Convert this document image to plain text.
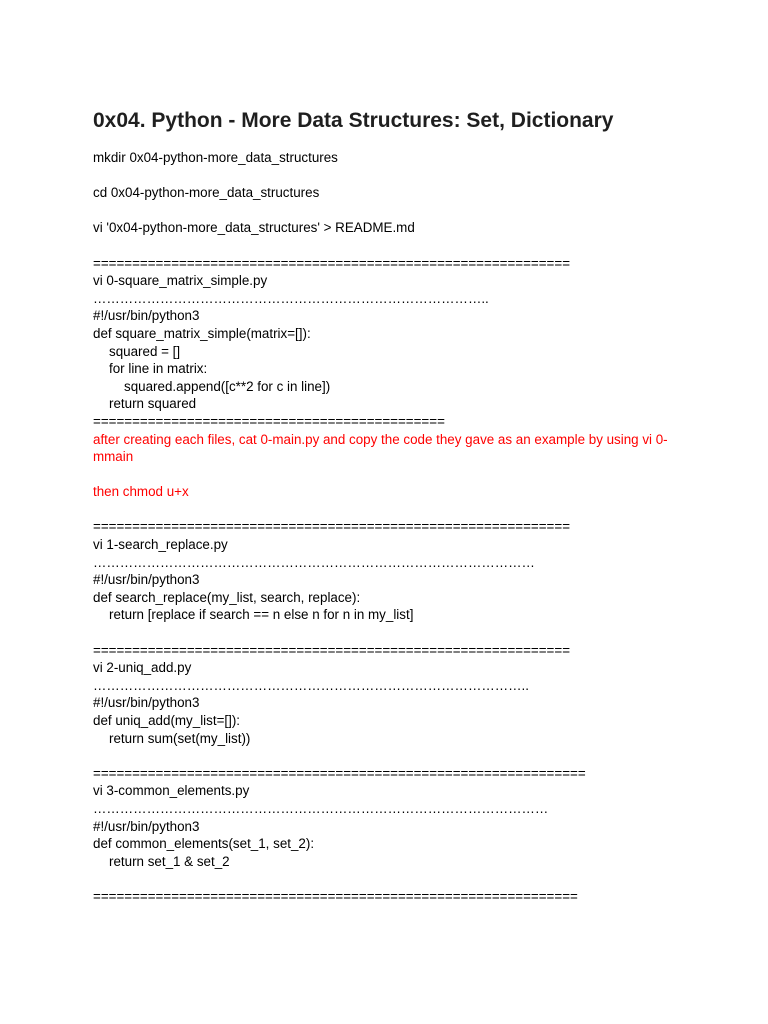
0x04. Python - More Data Structures: Set, Dictionary
mkdir 0x04-python-more_data_structures
cd 0x04-python-more_data_structures
vi '0x04-python-more_data_structures' > README.md
=============================================================
vi 0-square_matrix_simple.py
……………………………………………………………………………..
#!/usr/bin/python3
def square_matrix_simple(matrix=[]):
squared = []
for line in matrix:
squared.append([c**2 for c in line])
return squared
=============================================
after creating each files, cat 0-main.py and copy the code they gave as an example by using vi 0-mmain
then chmod u+x
=============================================================
vi 1-search_replace.py
………………………………………………………………………………………
#!/usr/bin/python3
def search_replace(my_list, search, replace):
return [replace if search == n else n for n in my_list]
=============================================================
vi 2-uniq_add.py
……………………………………………………………………………………..
#!/usr/bin/python3
def uniq_add(my_list=[]):
return sum(set(my_list))
===============================================================
vi 3-common_elements.py
…………………………………………………………………………………………
#!/usr/bin/python3
def common_elements(set_1, set_2):
return set_1 & set_2
==============================================================
